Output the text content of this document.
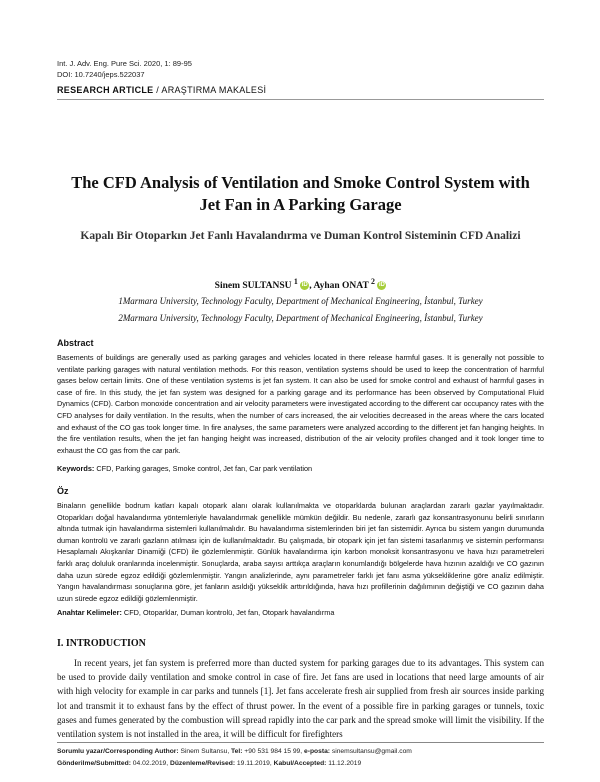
Int. J. Adv. Eng. Pure Sci. 2020, 1: 89-95
DOI: 10.7240/jeps.522037
RESEARCH ARTICLE / ARAŞTIRMA MAKALESİ
The CFD Analysis of Ventilation and Smoke Control System with
Jet Fan in A Parking Garage
Kapalı Bir Otoparkın Jet Fanlı Havalandırma ve Duman Kontrol Sisteminin CFD Analizi
Sinem SULTANSU $^1$ iD , Ayhan ONAT $^2$ iD
1Marmara University, Technology Faculty, Department of Mechanical Engineering, İstanbul, Turkey
2Marmara University, Technology Faculty, Department of Mechanical Engineering, İstanbul, Turkey
Abstract
Basements of buildings are generally used as parking garages and vehicles located in there release harmful gases. It is generally not possible to ventilate parking garages with natural ventilation methods. For this reason, ventilation systems should be used to keep the concentration of harmful gases below certain limits. One of these ventilation systems is jet fan system. It can also be used for smoke control and exhaust of harmful gases in case of fire. In this study, the jet fan system was designed for a parking garage and its performance has been observed by Computational Fluid Dynamics (CFD). Carbon monoxide concentration and air velocity parameters were investigated according to the different car occupancy rates with the CFD analyses for daily ventilation. In the results, when the number of cars increased, the air velocities decreased in the areas where the cars located and exhaust of the CO gas took longer time. In fire analyses, the same parameters were analyzed according to the different jet fan hanging heights. In the fire ventilation results, when the jet fan hanging height was increased, distribution of the air velocity profiles changed and it took longer time to exhaust the CO gas from the car park.
Keywords: CFD, Parking garages, Smoke control, Jet fan, Car park ventilation
Öz
Binaların genellikle bodrum katları kapalı otopark alanı olarak kullanılmakta ve otoparklarda bulunan araçlardan zararlı gazlar yayılmaktadır. Otoparkları doğal havalandırma yöntemleriyle havalandırmak genellikle mümkün değildir. Bu nedenle, zararlı gaz konsantrasyonunu belirli sınırların altında tutmak için havalandırma sistemleri kullanılmalıdır. Bu havalandırma sistemlerinden biri jet fan sistemidir. Ayrıca bu sistem yangın durumunda duman kontrolü ve zararlı gazların atılması için de kullanılmaktadır. Bu çalışmada, bir otopark için jet fan sistemi tasarlanmış ve sistemin performansı Hesaplamalı Akışkanlar Dinamiği (CFD) ile gözlemlenmiştir. Günlük havalandırma için karbon monoksit konsantrasyonu ve hava hızı parametreleri farklı araç doluluk oranlarında incelenmiştir. Sonuçlarda, araba sayısı arttıkça araçların konumlandığı bölgelerde hava hızının azaldığı ve CO gazının daha uzun sürede egzoz edildiği gözlemlenmiştir. Yangın analizlerinde, aynı parametreler farklı jet fanı asma yüksekliklerine göre analiz edilmiştir. Yangın havalandırması sonuçlarına göre, jet fanların asıldığı yükseklik arttırıldığında, hava hızı profillerinin dağılımının değiştiği ve CO gazının daha uzun sürede egzoz edildiği gözlemlenmiştir.
Anahtar Kelimeler: CFD, Otoparklar, Duman kontrolü, Jet fan, Otopark havalandırma
I. INTRODUCTION
In recent years, jet fan system is preferred more than ducted system for parking garages due to its advantages. This system can be used to provide daily ventilation and smoke control in case of fire. Jet fans are used in locations that need large amounts of air with high velocity for example in car parks and tunnels [1]. Jet fans accelerate fresh air supplied from fresh air sources inside parking lot and transmit it to exhaust fans by the effect of thrust power. In the event of a possible fire in parking garages or tunnels, toxic gases and fumes generated by the combustion will spread rapidly into the car park and the spread smoke will limit the visibility. If the ventilation system is not installed in the area, it will be difficult for firefighters
Sorumlu yazar/Corresponding Author: Sinem Sultansu, Tel: +90 531 984 15 99, e-posta: sinemsultansu@gmail.com
Gönderilme/Submitted: 04.02.2019, Düzenleme/Revised: 19.11.2019, Kabul/Accepted: 11.12.2019
